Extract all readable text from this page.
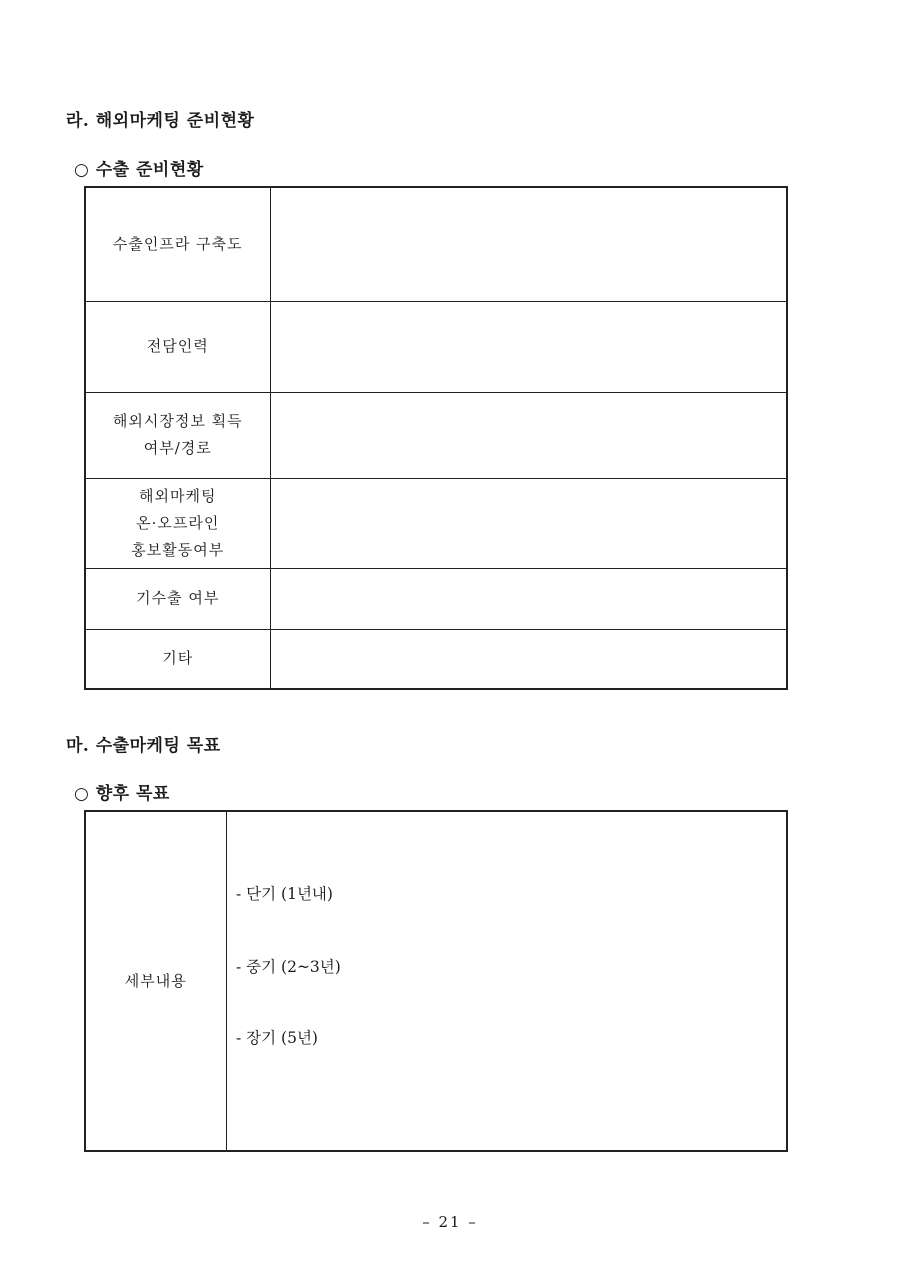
라. 해외마케팅 준비현황
○ 수출 준비현황
수출인프라 구축도	

전담인력	

해외시장정보 획득
여부/경로	

해외마케팅
온·오프라인
홍보활동여부	

기수출 여부	

기타	

마. 수출마케팅 목표
○ 향후 목표
세부내용	
- 단기 (1년내)
- 중기 (2~3년)
- 장기 (5년)
– 21 –
